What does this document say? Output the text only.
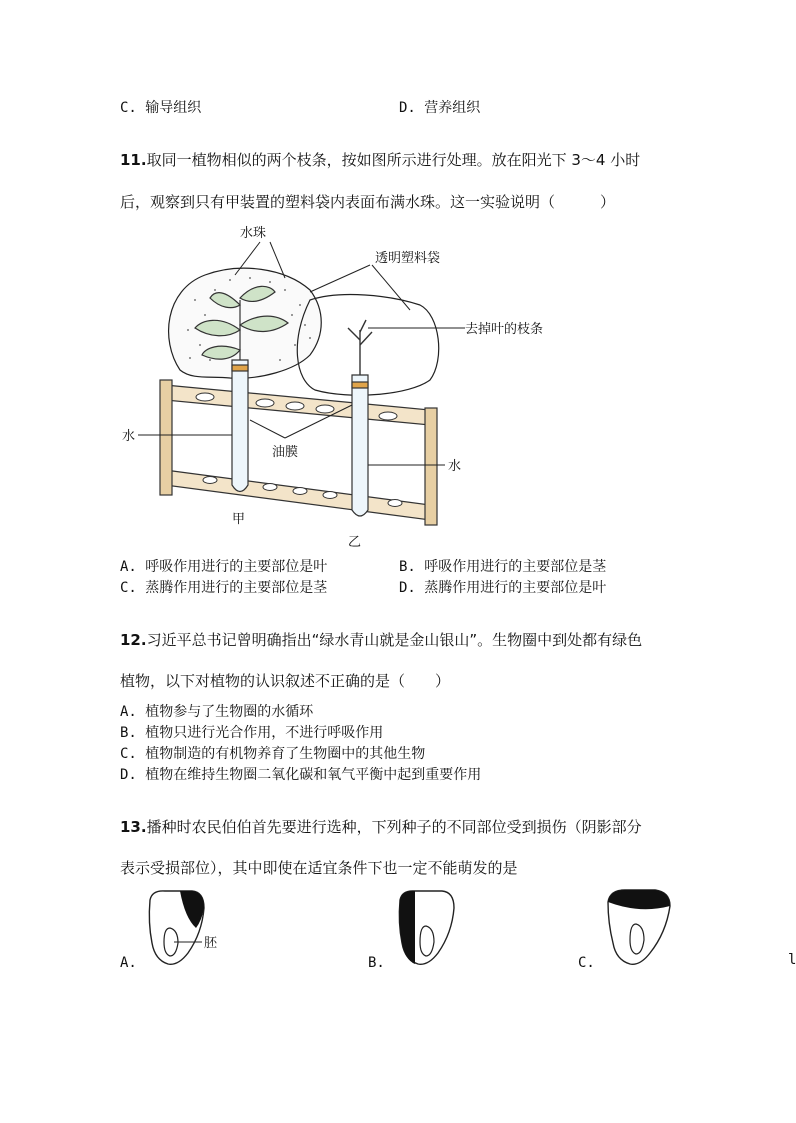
C. 输导组织	D. 营养组织
11.取同一植物相似的两个枝条，按如图所示进行处理。放在阳光下 3～4 小时
后，观察到只有甲装置的塑料袋内表面布满水珠。这一实验说明（　　　）
水珠
透明塑料袋
去掉叶的枝条
水
油膜
水
甲
乙
A. 呼吸作用进行的主要部位是叶	B. 呼吸作用进行的主要部位是茎
C. 蒸腾作用进行的主要部位是茎	D. 蒸腾作用进行的主要部位是叶
12.习近平总书记曾明确指出“绿水青山就是金山银山”。生物圈中到处都有绿色
植物，以下对植物的认识叙述不正确的是（　　）
A. 植物参与了生物圈的水循环
B. 植物只进行光合作用，不进行呼吸作用
C. 植物制造的有机物养育了生物圈中的其他生物
D. 植物在维持生物圈二氧化碳和氧气平衡中起到重要作用
13.播种时农民伯伯首先要进行选种，下列种子的不同部位受到损伤（阴影部分
表示受损部位），其中即使在适宜条件下也一定不能萌发的是
胚
A.	B.	C.	l
